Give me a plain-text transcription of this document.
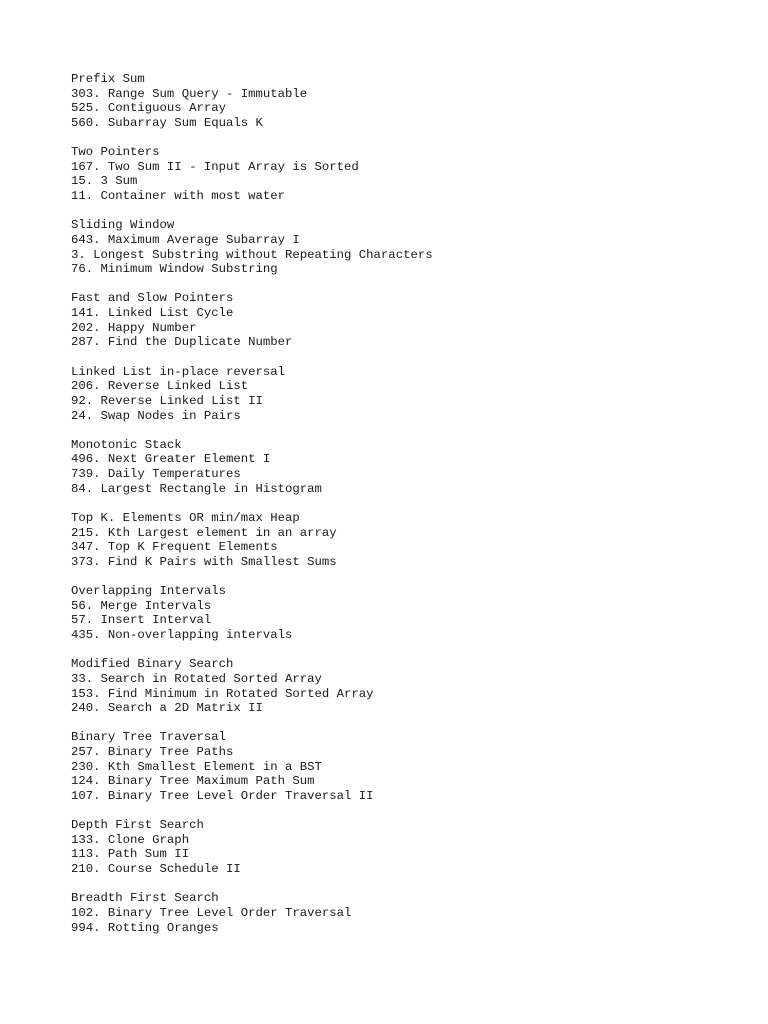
Prefix Sum
303. Range Sum Query - Immutable
525. Contiguous Array
560. Subarray Sum Equals K
Two Pointers
167. Two Sum II - Input Array is Sorted
15. 3 Sum
11. Container with most water
Sliding Window
643. Maximum Average Subarray I
3. Longest Substring without Repeating Characters
76. Minimum Window Substring
Fast and Slow Pointers
141. Linked List Cycle
202. Happy Number
287. Find the Duplicate Number
Linked List in-place reversal
206. Reverse Linked List
92. Reverse Linked List II
24. Swap Nodes in Pairs
Monotonic Stack
496. Next Greater Element I
739. Daily Temperatures
84. Largest Rectangle in Histogram
Top K. Elements OR min/max Heap
215. Kth Largest element in an array
347. Top K Frequent Elements
373. Find K Pairs with Smallest Sums
Overlapping Intervals
56. Merge Intervals
57. Insert Interval
435. Non-overlapping intervals
Modified Binary Search
33. Search in Rotated Sorted Array
153. Find Minimum in Rotated Sorted Array
240. Search a 2D Matrix II
Binary Tree Traversal
257. Binary Tree Paths
230. Kth Smallest Element in a BST
124. Binary Tree Maximum Path Sum
107. Binary Tree Level Order Traversal II
Depth First Search
133. Clone Graph
113. Path Sum II
210. Course Schedule II
Breadth First Search
102. Binary Tree Level Order Traversal
994. Rotting Oranges
